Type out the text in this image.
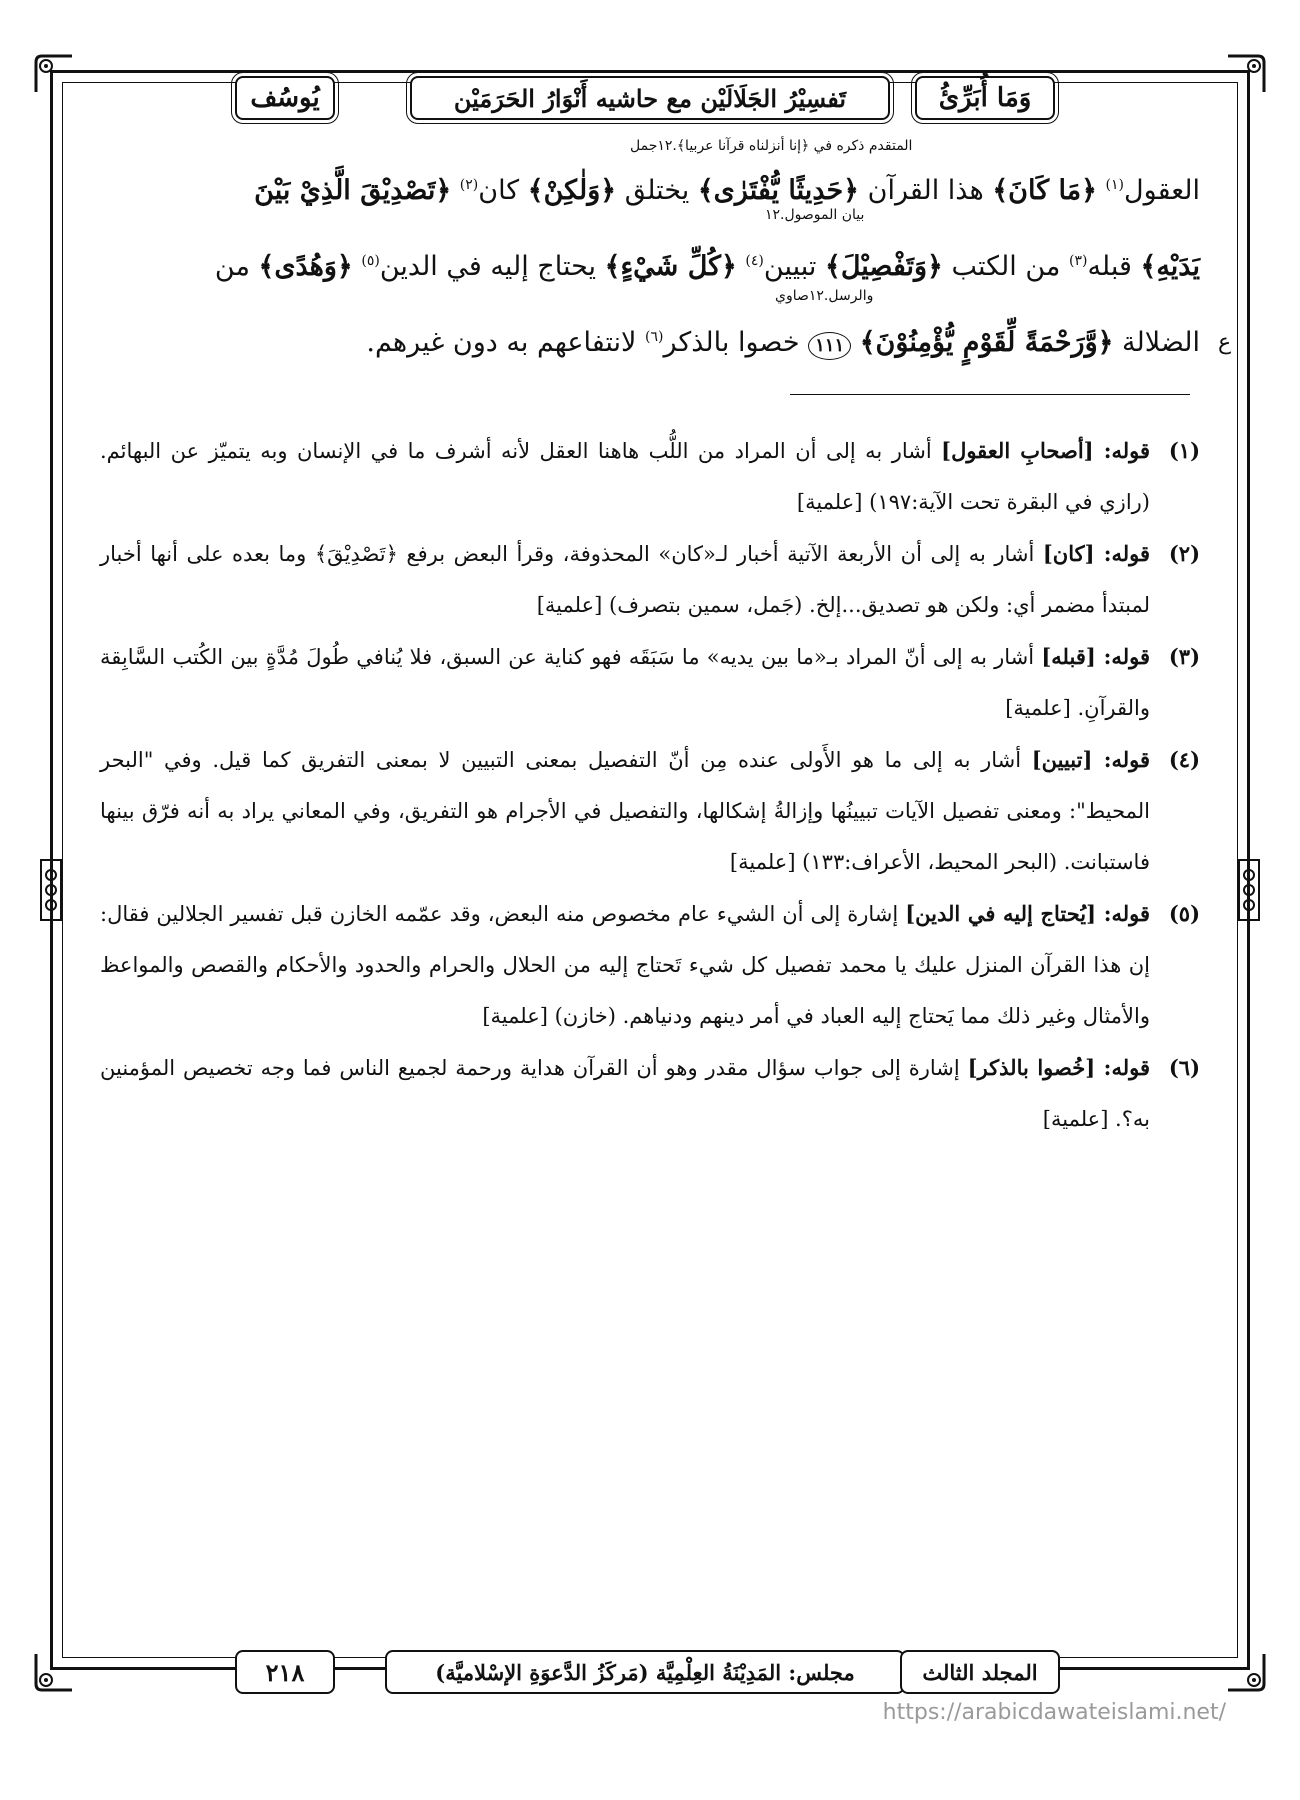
يُوسُف	تَفسِيْرُ الجَلَالَيْن مع حاشيه أَنْوَارُ الحَرَمَيْن	وَمَا أُبَرِّئُ
المتقدم ذكره في ﴿إنا أنزلناه قرآنا عربيا﴾.١٢جمل
بيان الموصول.١٢
والرسل.١٢صاوي
العقول$^{(١)}$ ﴿مَا كَانَ﴾ هذا القرآن ﴿حَدِيثًا يُّفْتَرٰى﴾ يختلق ﴿وَلٰكِنْ﴾ كان$^{(٢)}$ ﴿تَصْدِيْقَ الَّذِيْ بَيْنَ
يَدَيْهِ﴾ قبله$^{(٣)}$ من الكتب ﴿وَتَفْصِيْلَ﴾ تبيين$^{(٤)}$ ﴿كُلِّ شَيْءٍ﴾ يحتاج إليه في الدين$^{(٥)}$ ﴿وَهُدًى﴾ من
الضلالة ﴿وَّرَحْمَةً لِّقَوْمٍ يُّؤْمِنُوْنَ﴾ ١١١ خصوا بالذكر$^{(٦)}$ لانتفاعهم به دون غيرهم.	ع
(١)
قوله: [أصحابِ العقول] أشار به إلى أن المراد من اللُّب هاهنا العقل لأنه أشرف ما في الإنسان وبه يتميّز عن البهائم. (رازي في البقرة تحت الآية:١٩٧) [علمية]
(٢)
قوله: [كان] أشار به إلى أن الأربعة الآتية أخبار لـ«كان» المحذوفة، وقرأ البعض برفع ﴿تَصْدِيْقَ﴾ وما بعده على أنها أخبار لمبتدأ مضمر أي: ولكن هو تصديق...إلخ. (جَمل، سمين بتصرف) [علمية]
(٣)
قوله: [قبله] أشار به إلى أنّ المراد بـ«ما بين يديه» ما سَبَقَه فهو كناية عن السبق، فلا يُنافي طُولَ مُدَّةٍ بين الكُتب السَّابِقة والقرآنِ. [علمية]
(٤)
قوله: [تبيين] أشار به إلى ما هو الأَولى عنده مِن أنّ التفصيل بمعنى التبيين لا بمعنى التفريق كما قيل. وفي "البحر المحيط": ومعنى تفصيل الآيات تبيينُها وإزالةُ إشكالها، والتفصيل في الأجرام هو التفريق، وفي المعاني يراد به أنه فرّق بينها فاستبانت. (البحر المحيط، الأعراف:١٣٣) [علمية]
(٥)
قوله: [يُحتاج إليه في الدين] إشارة إلى أن الشيء عام مخصوص منه البعض، وقد عمّمه الخازن قبل تفسير الجلالين فقال: إن هذا القرآن المنزل عليك يا محمد تفصيل كل شيء تَحتاج إليه من الحلال والحرام والحدود والأحكام والقصص والمواعظ والأمثال وغير ذلك مما يَحتاج إليه العباد في أمر دينهم ودنياهم. (خازن) [علمية]
(٦)
قوله: [خُصوا بالذكر] إشارة إلى جواب سؤال مقدر وهو أن القرآن هداية ورحمة لجميع الناس فما وجه تخصيص المؤمنين به؟. [علمية]
٢١٨	مجلس: المَدِيْنَةُ العِلْمِيَّة (مَركَزُ الدَّعوَةِ الإسْلاميَّة)	المجلد الثالث
https://arabicdawateislami.net/
